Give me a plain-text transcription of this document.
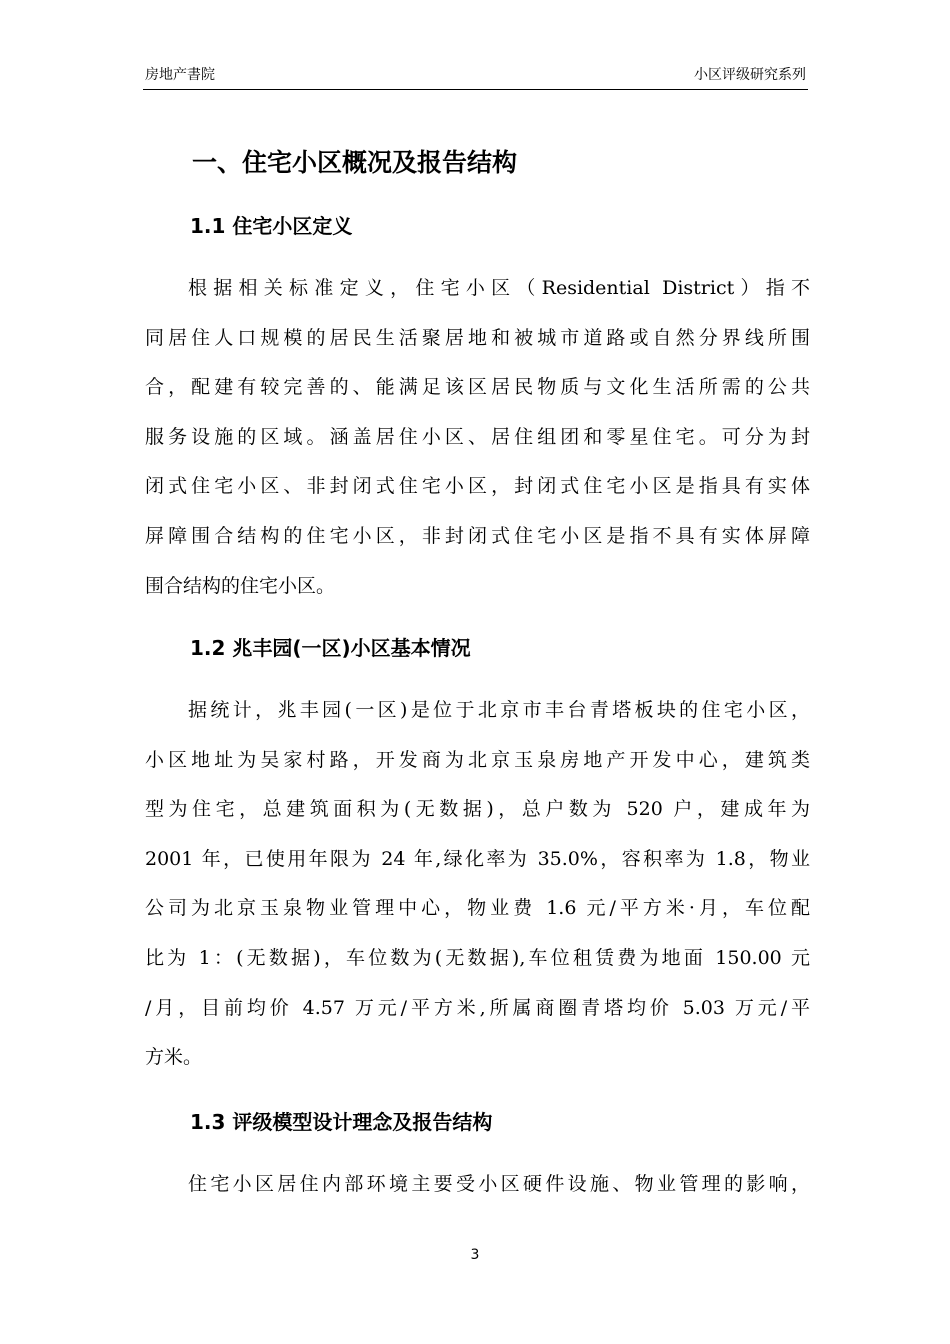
房地产書院	小区评级研究系列
一、住宅小区概况及报告结构
1.1 住宅小区定义
根据相关标准定义，住宅小区（Residential District）指不
同居住人口规模的居民生活聚居地和被城市道路或自然分界线所围
合，配建有较完善的、能满足该区居民物质与文化生活所需的公共
服务设施的区域。涵盖居住小区、居住组团和零星住宅。可分为封
闭式住宅小区、非封闭式住宅小区，封闭式住宅小区是指具有实体
屏障围合结构的住宅小区，非封闭式住宅小区是指不具有实体屏障
围合结构的住宅小区。
1.2 兆丰园(一区)小区基本情况
据统计，兆丰园(一区)是位于北京市丰台青塔板块的住宅小区，
小区地址为吴家村路，开发商为北京玉泉房地产开发中心，建筑类
型为住宅，总建筑面积为(无数据)，总户数为 520 户，建成年为
2001 年，已使用年限为 24 年,绿化率为 35.0%，容积率为 1.8，物业
公司为北京玉泉物业管理中心，物业费 1.6 元/平方米·月，车位配
比为 1：(无数据)，车位数为(无数据),车位租赁费为地面 150.00 元
/月，目前均价 4.57 万元/平方米,所属商圈青塔均价 5.03 万元/平
方米。
1.3 评级模型设计理念及报告结构
住宅小区居住内部环境主要受小区硬件设施、物业管理的影响，
3
